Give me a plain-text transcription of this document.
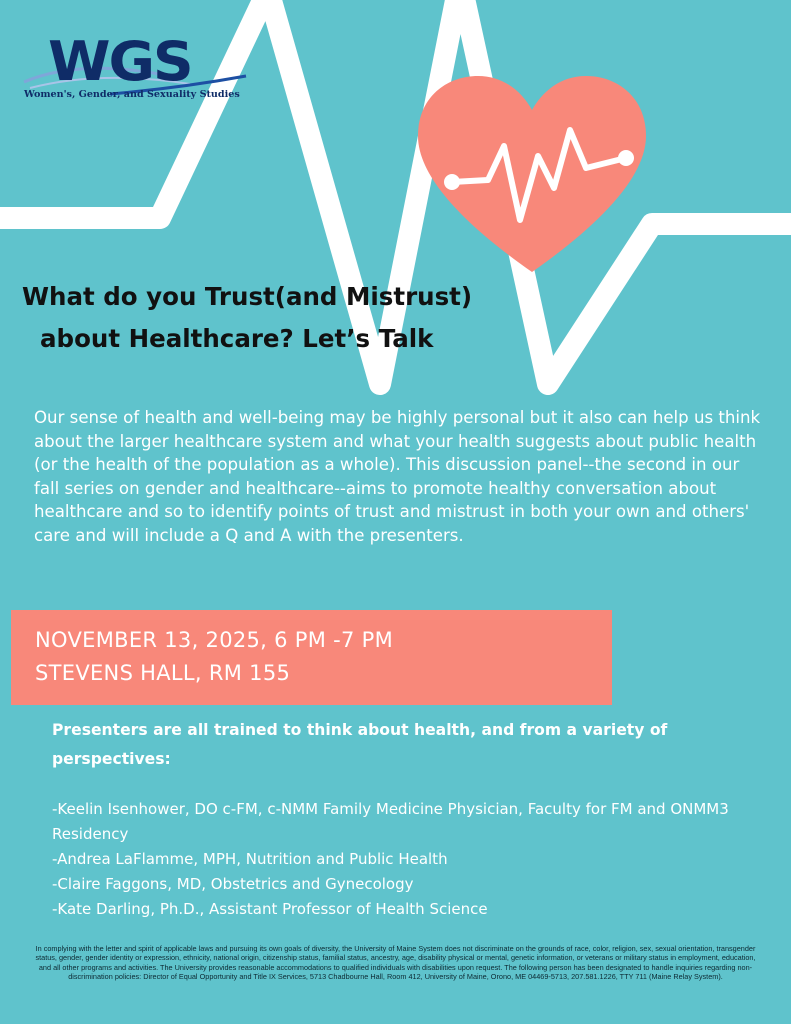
WGS
Women's, Gender, and Sexuality Studies
What do you Trust(and Mistrust)
about Healthcare? Let’s Talk
Our sense of health and well-being may be highly personal but it also can help us think about the larger healthcare system and what your health suggests about public health (or the health of the population as a whole). This discussion panel--the second in our fall series on gender and healthcare--aims to promote healthy conversation about healthcare and so to identify points of trust and mistrust in both your own and others' care and will include a Q and A with the presenters.
NOVEMBER 13, 2025, 6 PM -7 PM
STEVENS HALL, RM 155
Presenters are all trained to think about health, and from a variety of perspectives:
-Keelin Isenhower, DO c-FM, c-NMM Family Medicine Physician, Faculty for FM and ONMM3 Residency
-Andrea LaFlamme, MPH, Nutrition and Public Health
-Claire Faggons, MD, Obstetrics and Gynecology
-Kate Darling, Ph.D., Assistant Professor of Health Science
In complying with the letter and spirit of applicable laws and pursuing its own goals of diversity, the University of Maine System does not discriminate on the grounds of race, color, religion, sex, sexual orientation, transgender status, gender, gender identity or expression, ethnicity, national origin, citizenship status, familial status, ancestry, age, disability physical or mental, genetic information, or veterans or military status in employment, education, and all other programs and activities. The University provides reasonable accommodations to qualified individuals with disabilities upon request. The following person has been designated to handle inquiries regarding non-discrimination policies: Director of Equal Opportunity and Title IX Services, 5713 Chadbourne Hall, Room 412, University of Maine, Orono, ME 04469-5713, 207.581.1226, TTY 711 (Maine Relay System).
